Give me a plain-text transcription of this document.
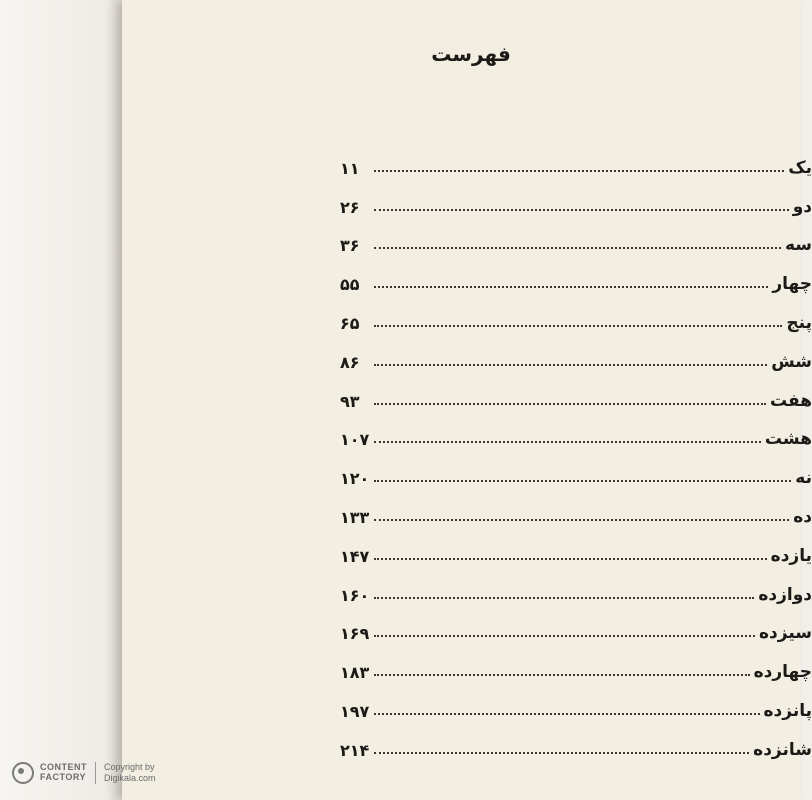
فهرست
یک
۱۱
دو
۲۶
سه
۳۶
چهار
۵۵
پنج
۶۵
شش
۸۶
هفت
۹۳
هشت
۱۰۷
نه
۱۲۰
ده
۱۳۳
یازده
۱۴۷
دوازده
۱۶۰
سیزده
۱۶۹
چهارده
۱۸۳
پانزده
۱۹۷
شانزده
۲۱۴
CONTENT
FACTORY
Copyright by
Digikala.com
